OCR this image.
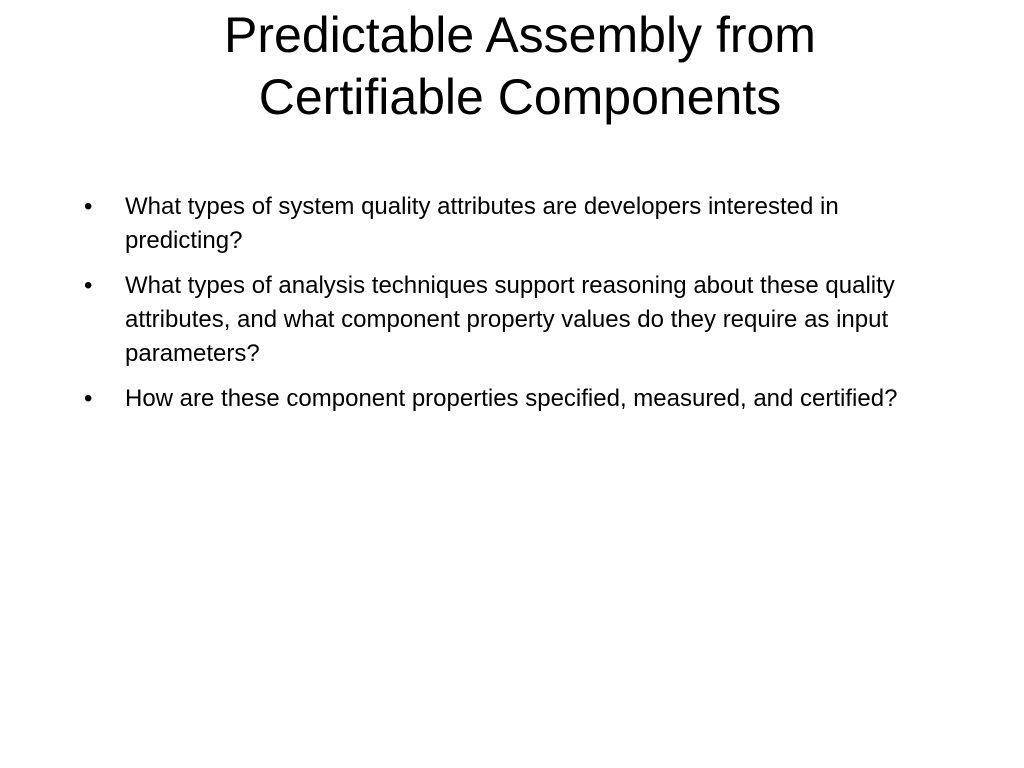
Predictable Assembly from
Certifiable Components
•	What types of system quality attributes are developers interested in predicting?
•	What types of analysis techniques support reasoning about these quality attributes, and what component property values do they require as input parameters?
•	How are these component properties specified, measured, and certified?
